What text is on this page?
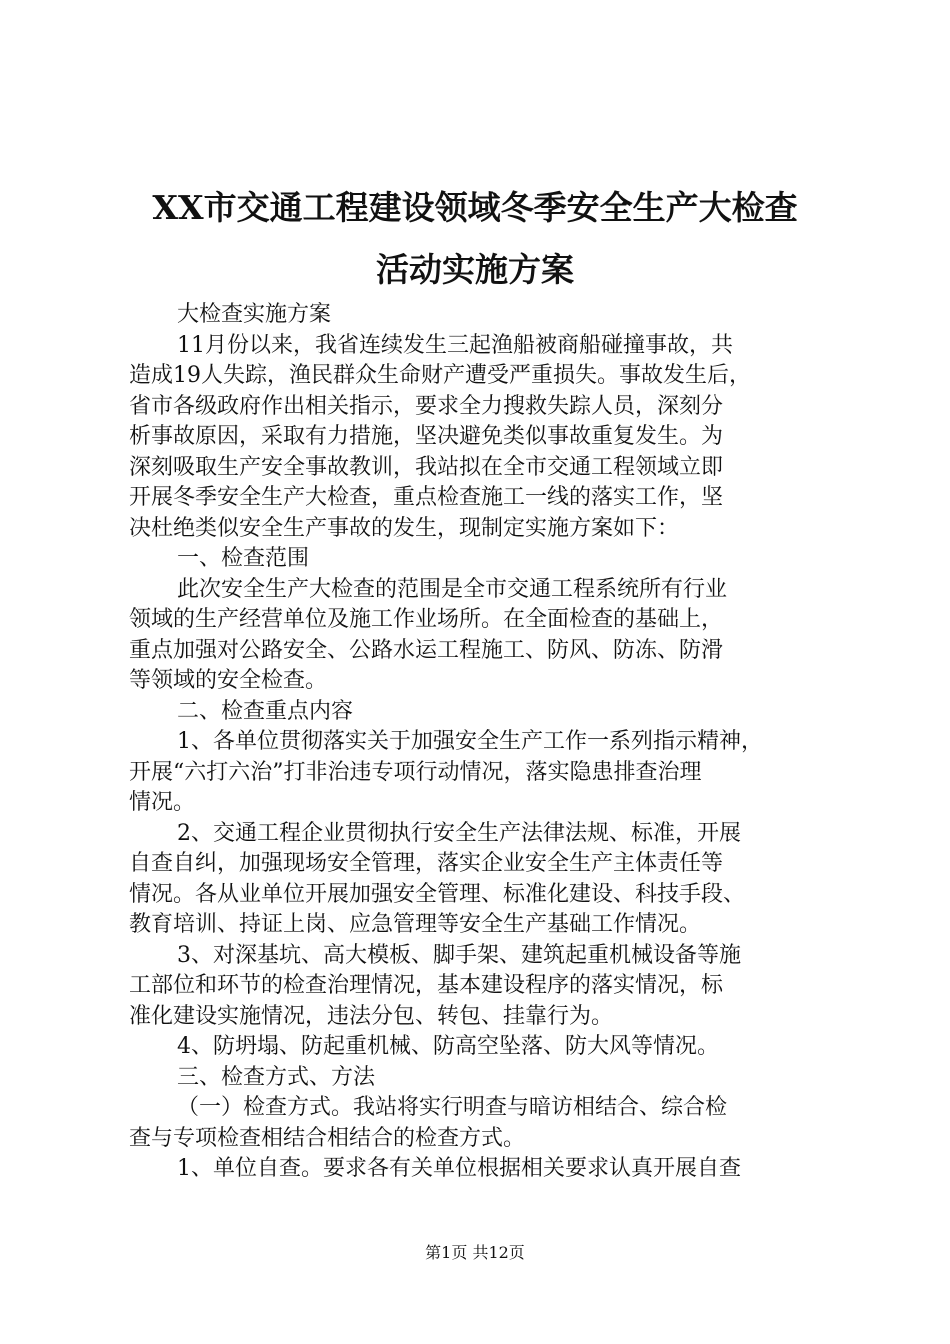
XX市交通工程建设领域冬季安全生产大检查
活动实施方案
大检查实施方案
11月份以来，我省连续发生三起渔船被商船碰撞事故，共
造成19人失踪，渔民群众生命财产遭受严重损失。事故发生后，
省市各级政府作出相关指示，要求全力搜救失踪人员，深刻分
析事故原因，采取有力措施，坚决避免类似事故重复发生。为
深刻吸取生产安全事故教训，我站拟在全市交通工程领域立即
开展冬季安全生产大检查，重点检查施工一线的落实工作，坚
决杜绝类似安全生产事故的发生，现制定实施方案如下：
一、检查范围
此次安全生产大检查的范围是全市交通工程系统所有行业
领域的生产经营单位及施工作业场所。在全面检查的基础上，
重点加强对公路安全、公路水运工程施工、防风、防冻、防滑
等领域的安全检查。
二、检查重点内容
1、各单位贯彻落实关于加强安全生产工作一系列指示精神，
开展“六打六治”打非治违专项行动情况，落实隐患排查治理
情况。
2、交通工程企业贯彻执行安全生产法律法规、标准，开展
自查自纠，加强现场安全管理，落实企业安全生产主体责任等
情况。各从业单位开展加强安全管理、标准化建设、科技手段、
教育培训、持证上岗、应急管理等安全生产基础工作情况。
3、对深基坑、高大模板、脚手架、建筑起重机械设备等施
工部位和环节的检查治理情况，基本建设程序的落实情况，标
准化建设实施情况，违法分包、转包、挂靠行为。
4、防坍塌、防起重机械、防高空坠落、防大风等情况。
三、检查方式、方法
（一）检查方式。我站将实行明查与暗访相结合、综合检
查与专项检查相结合相结合的检查方式。
1、单位自查。要求各有关单位根据相关要求认真开展自查
第1页 共12页
